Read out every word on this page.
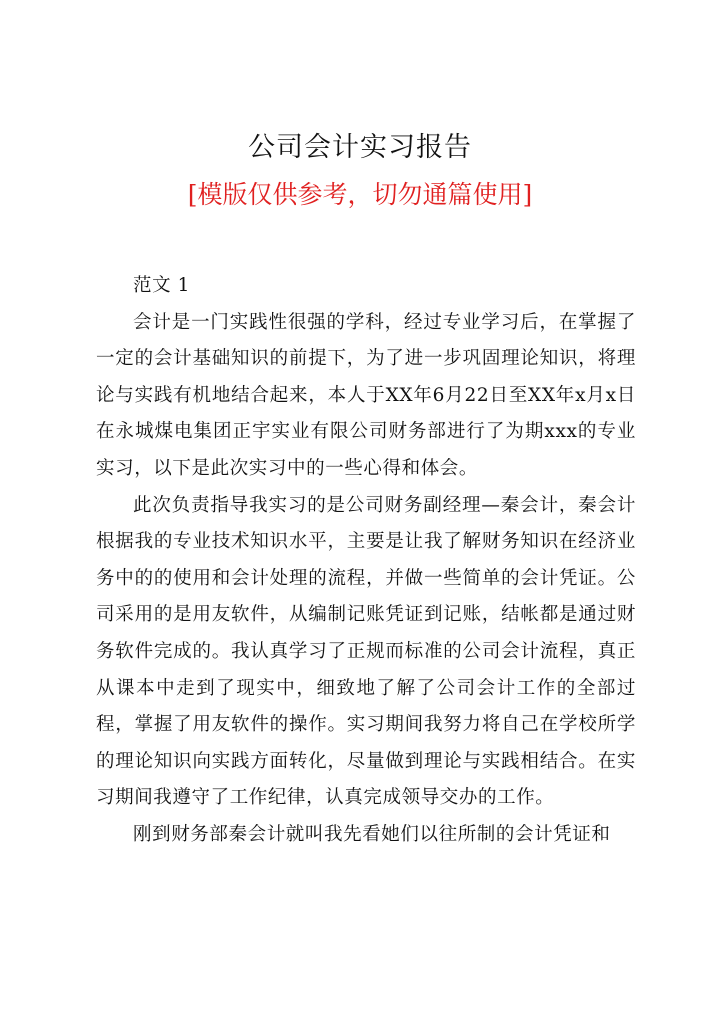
公司会计实习报告
[模版仅供参考，切勿通篇使用]

范文 1

会计是一门实践性很强的学科，经过专业学习后，在掌握了一定的会计基础知识的前提下，为了进一步巩固理论知识，将理论与实践有机地结合起来，本人于XX年6月22日至XX年x月x日在永城煤电集团正宇实业有限公司财务部进行了为期xxx的专业实习，以下是此次实习中的一些心得和体会。

此次负责指导我实习的是公司财务副经理—秦会计，秦会计根据我的专业技术知识水平，主要是让我了解财务知识在经济业务中的的使用和会计处理的流程，并做一些简单的会计凭证。公司采用的是用友软件，从编制记账凭证到记账，结帐都是通过财务软件完成的。我认真学习了正规而标准的公司会计流程，真正从课本中走到了现实中，细致地了解了公司会计工作的全部过程，掌握了用友软件的操作。实习期间我努力将自己在学校所学的理论知识向实践方面转化，尽量做到理论与实践相结合。在实习期间我遵守了工作纪律，认真完成领导交办的工作。

刚到财务部秦会计就叫我先看她们以往所制的会计凭证和
